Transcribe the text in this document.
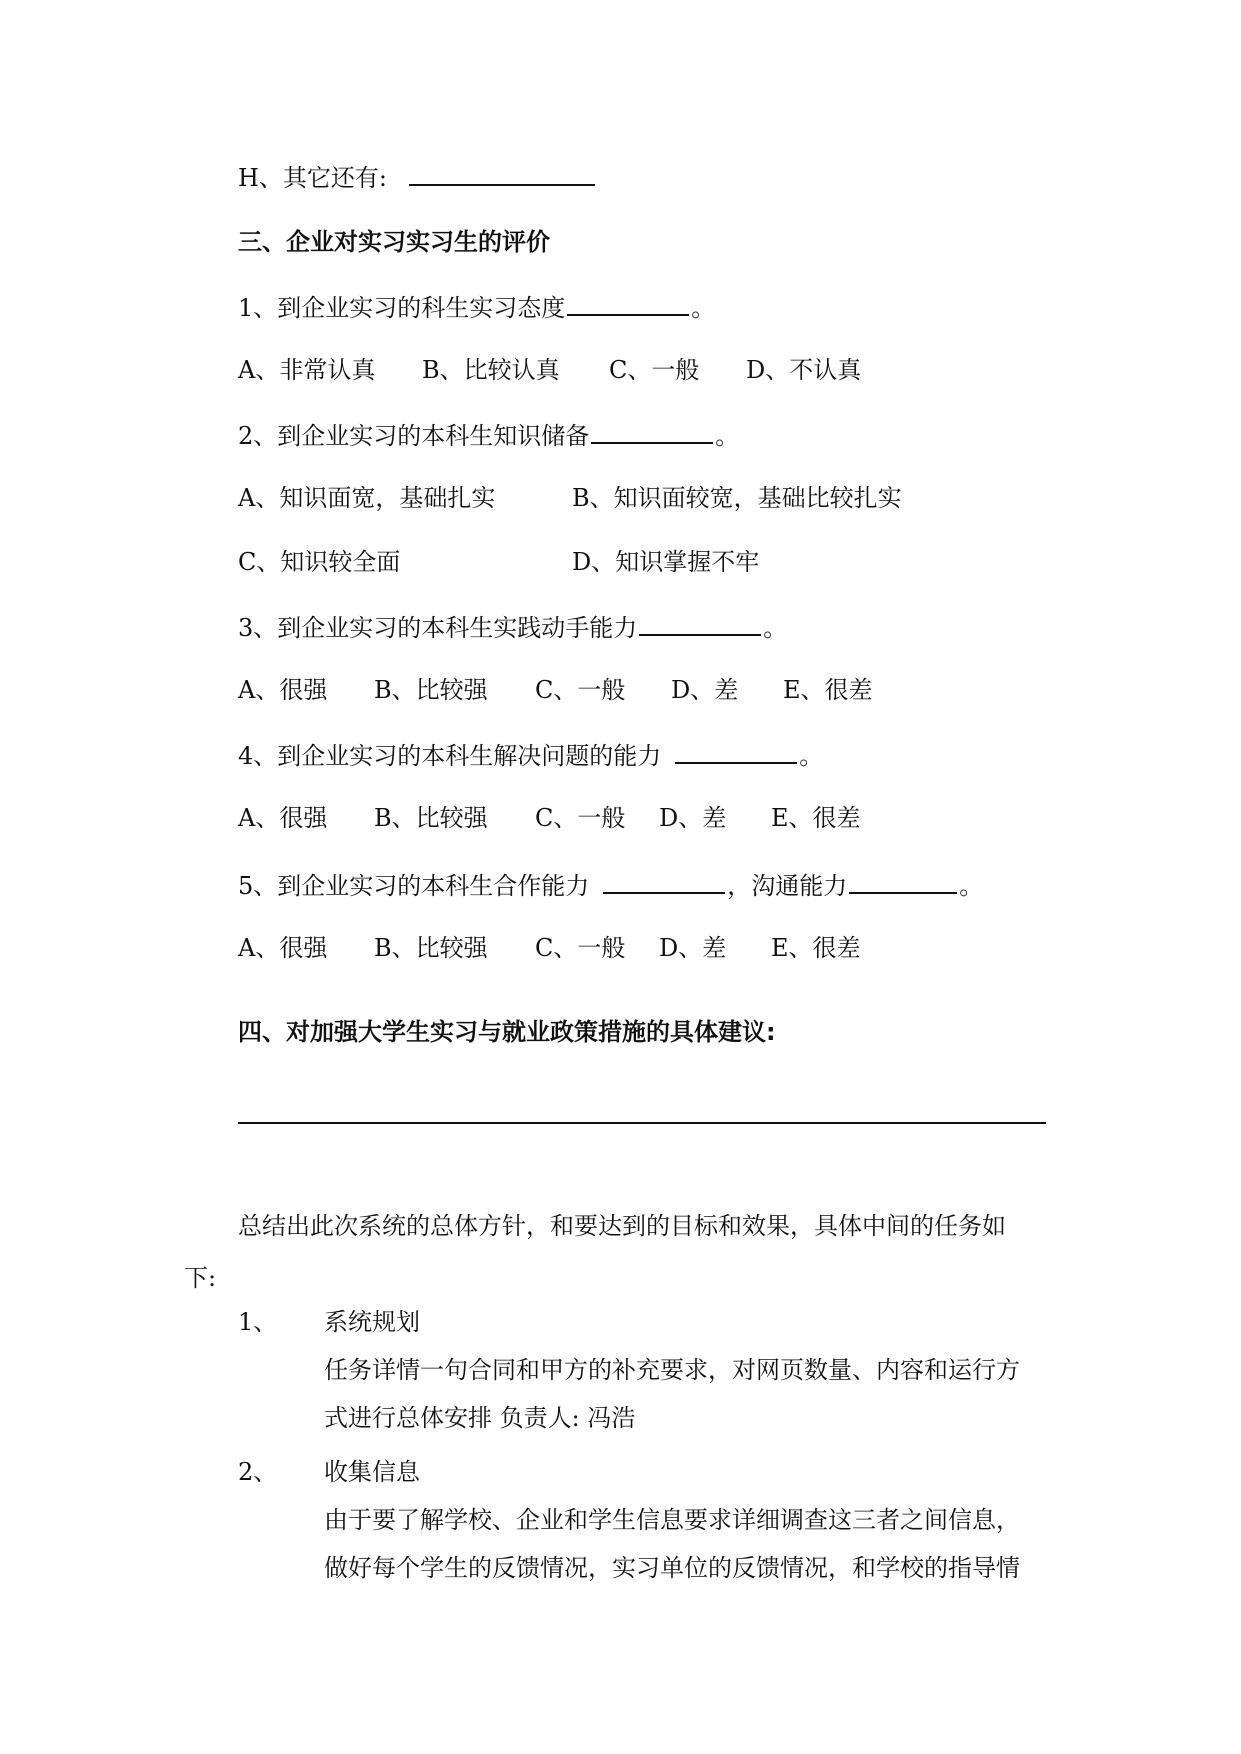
H、其它还有:
三、企业对实习实习生的评价
1、到企业实习的科生实习态度	。
A、非常认真 B、比较认真 C、一般 D、不认真
2、到企业实习的本科生知识储备	。
A、知识面宽，基础扎实	B、知识面较宽，基础比较扎实
C、知识较全面	D、知识掌握不牢
3、到企业实习的本科生实践动手能力	。
A、很强 B、比较强 C、一般 D、差 E、很差
4、到企业实习的本科生解决问题的能力	。
A、很强 B、比较强 C、一般 D、差 E、很差
5、到企业实习的本科生合作能力	，沟通能力	。
A、很强 B、比较强 C、一般 D、差 E、很差
四、对加强大学生实习与就业政策措施的具体建议:
总结出此次系统的总体方针，和要达到的目标和效果，具体中间的任务如
下:
1、 系统规划
任务详情一句合同和甲方的补充要求，对网页数量、内容和运行方
式进行总体安排 负责人: 冯浩
2、 收集信息
由于要了解学校、企业和学生信息要求详细调查这三者之间信息，
做好每个学生的反馈情况，实习单位的反馈情况，和学校的指导情
